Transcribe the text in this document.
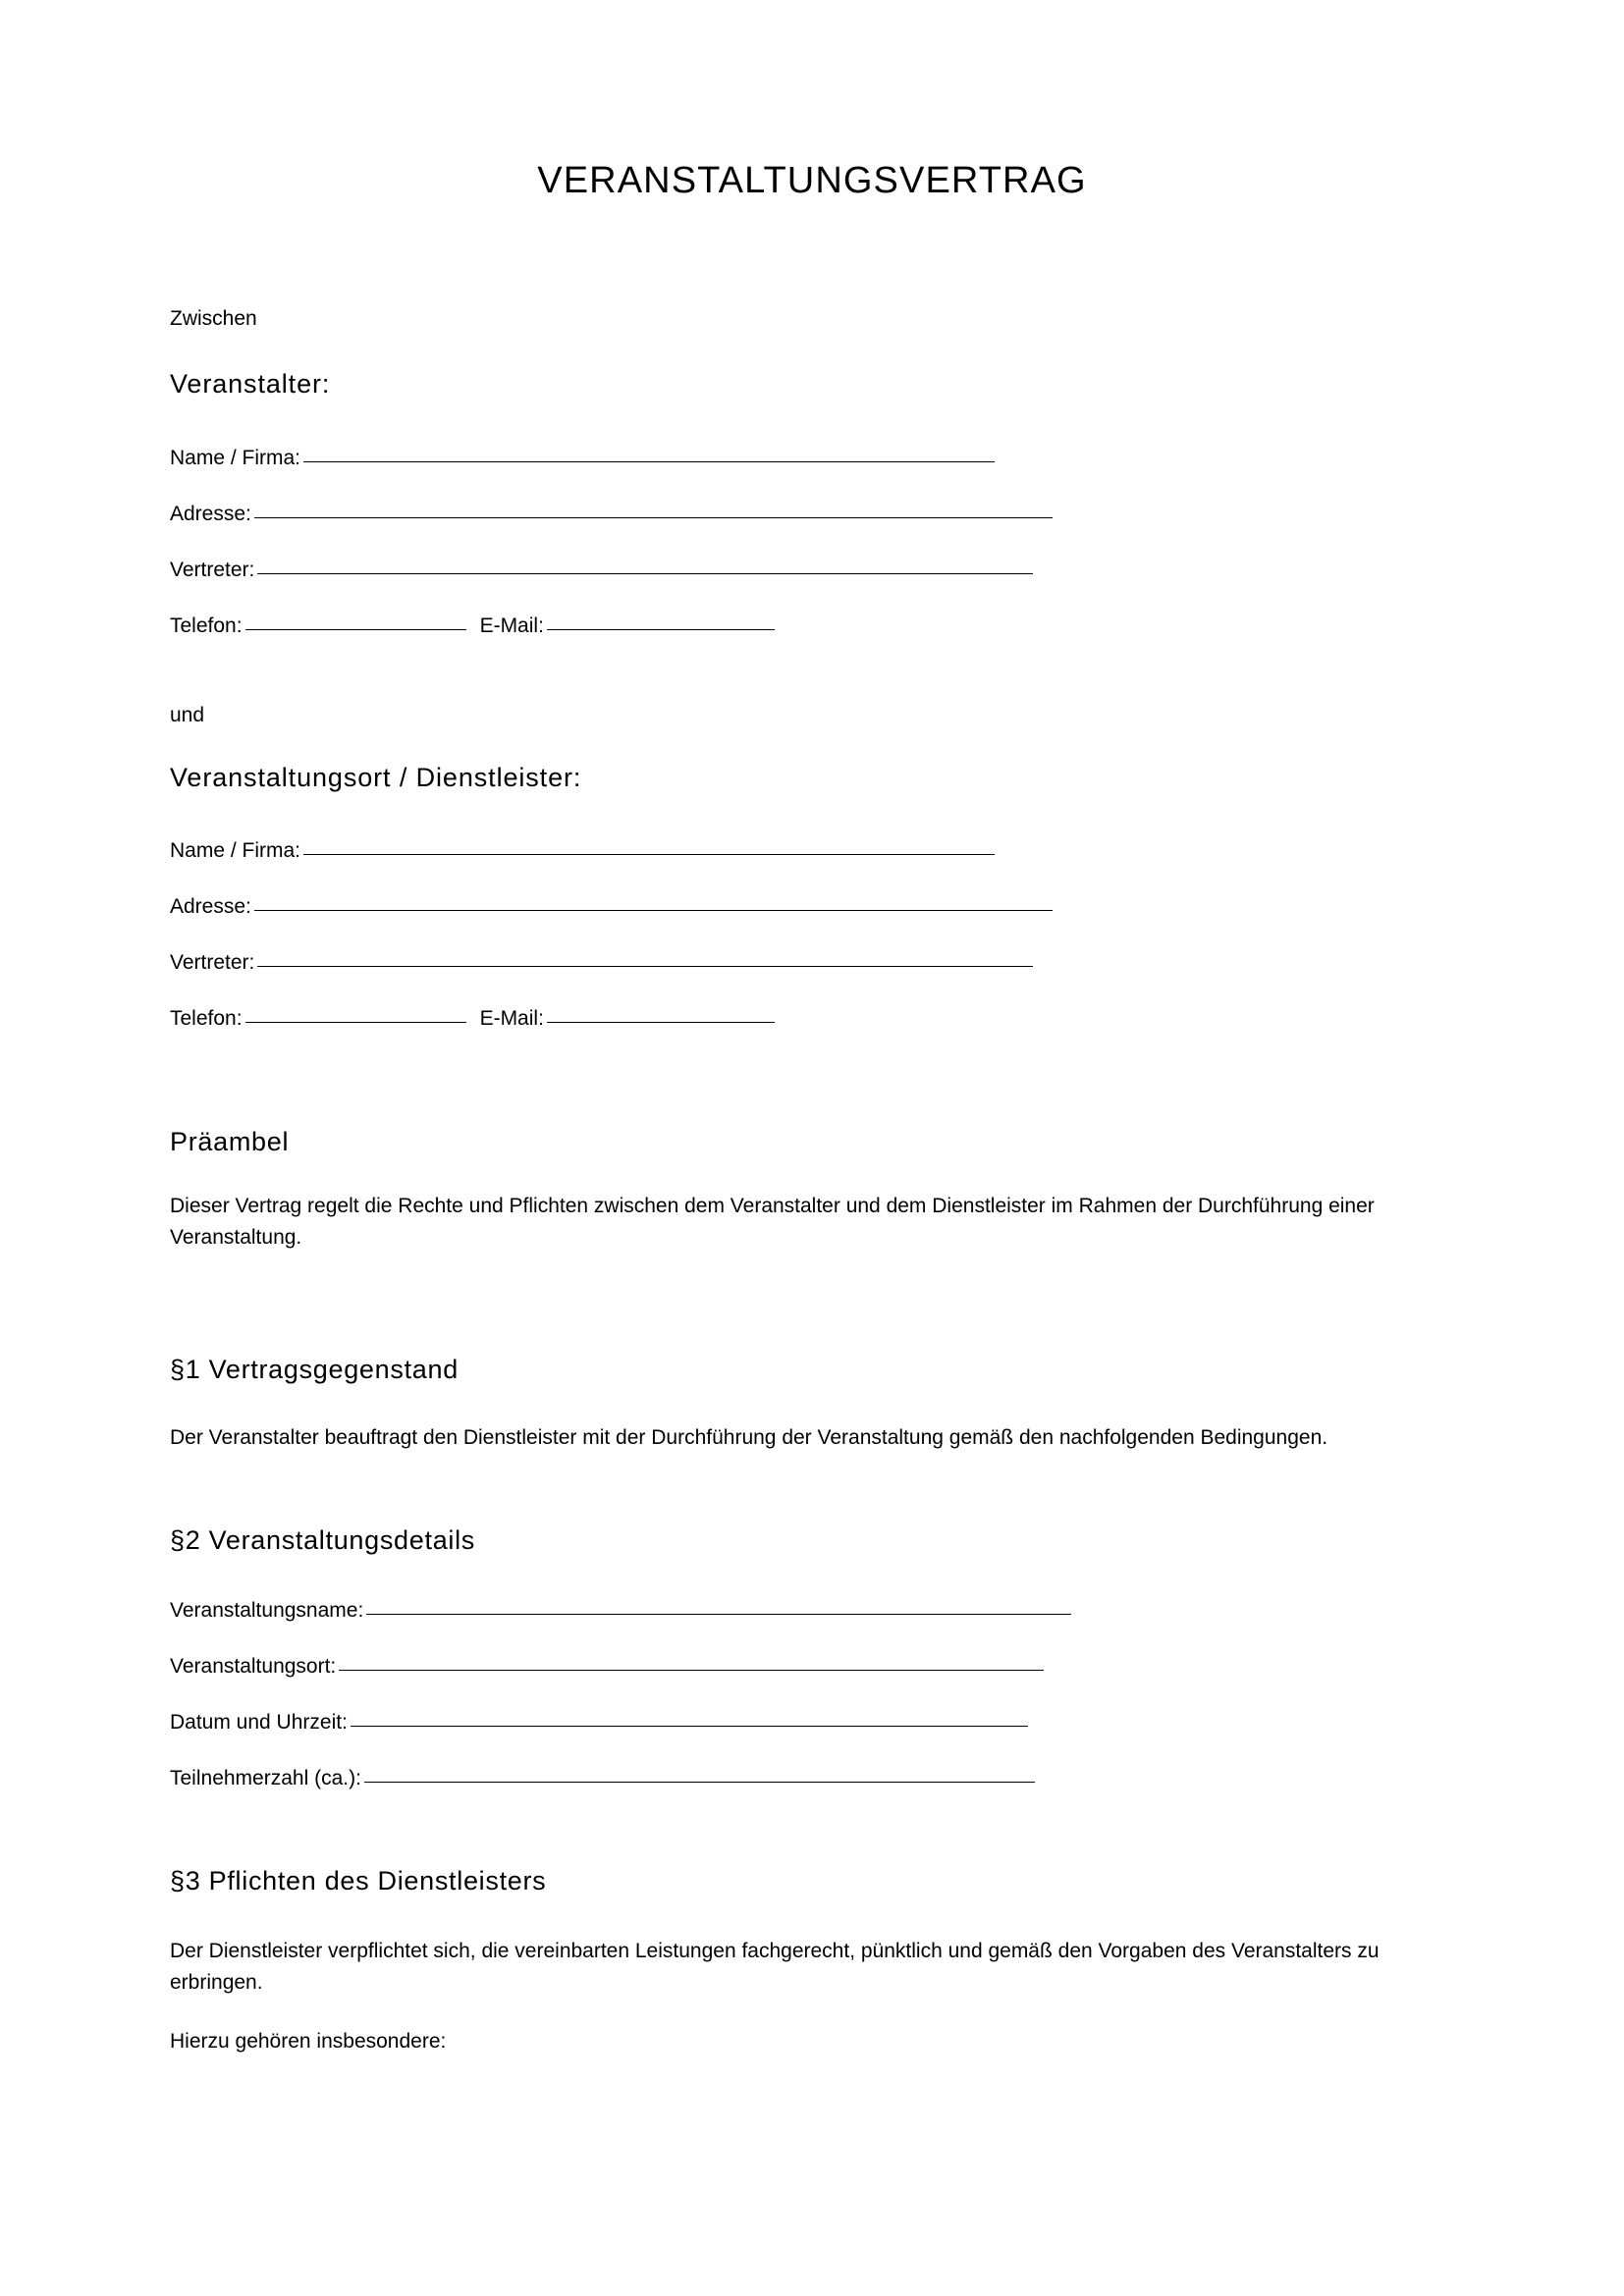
VERANSTALTUNGSVERTRAG
Zwischen
Veranstalter:
Name / Firma:
Adresse:
Vertreter:
Telefon:	E-Mail:
und
Veranstaltungsort / Dienstleister:
Name / Firma:
Adresse:
Vertreter:
Telefon:	E-Mail:
Präambel
Dieser Vertrag regelt die Rechte und Pflichten zwischen dem Veranstalter und dem Dienstleister im Rahmen der Durchführung einer Veranstaltung.
§1 Vertragsgegenstand
Der Veranstalter beauftragt den Dienstleister mit der Durchführung der Veranstaltung gemäß den nachfolgenden Bedingungen.
§2 Veranstaltungsdetails
Veranstaltungsname:
Veranstaltungsort:
Datum und Uhrzeit:
Teilnehmerzahl (ca.):
§3 Pflichten des Dienstleisters
Der Dienstleister verpflichtet sich, die vereinbarten Leistungen fachgerecht, pünktlich und gemäß den Vorgaben des Veranstalters zu erbringen.
Hierzu gehören insbesondere:
